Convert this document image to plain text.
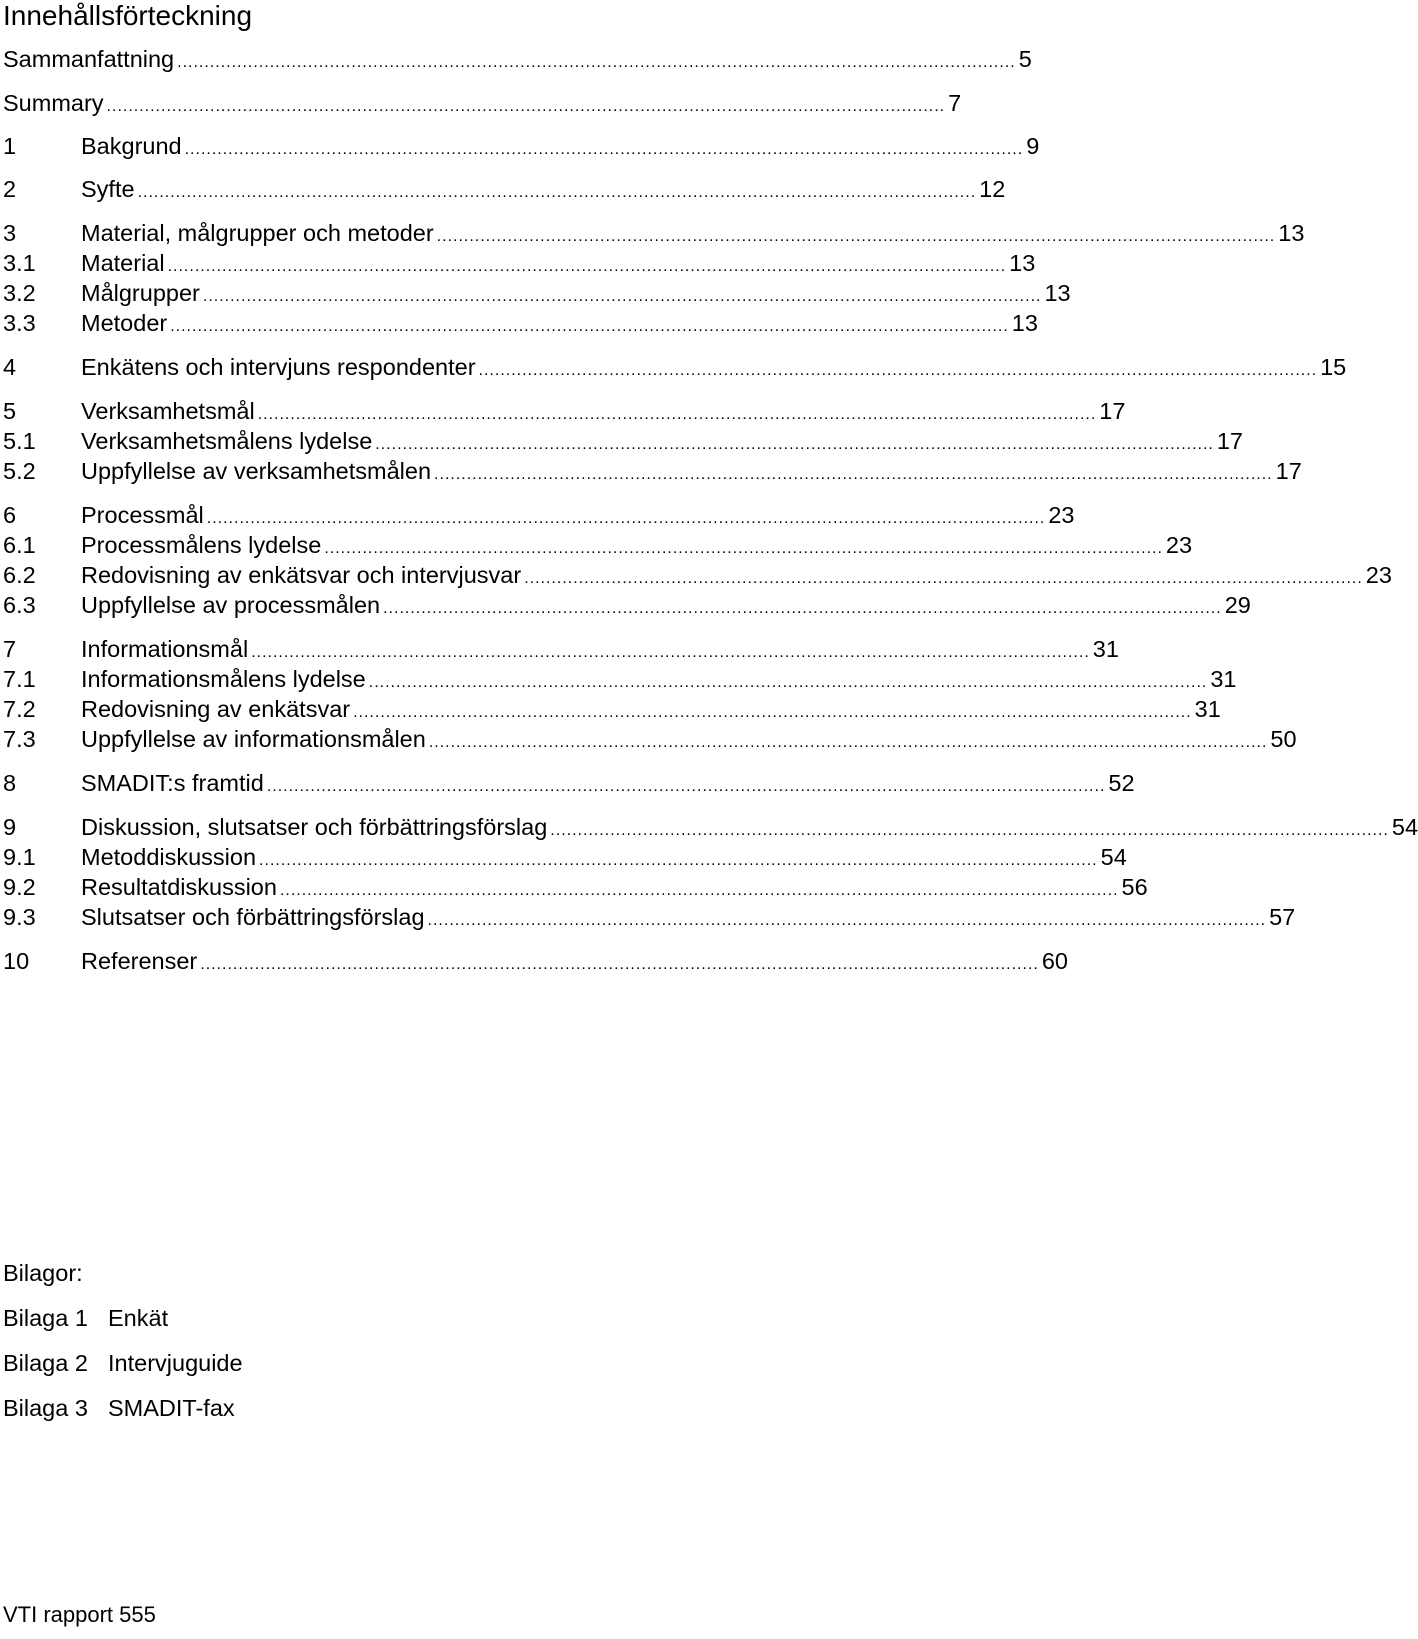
Innehållsförteckning
Sammanfattning .......................................................................................................................................................... 5
Summary .......................................................................................................................................................... 7
1	Bakgrund .......................................................................................................................................................... 9
2	Syfte .......................................................................................................................................................... 12
3	Material, målgrupper och metoder .......................................................................................................................................................... 13
3.1	Material .......................................................................................................................................................... 13
3.2	Målgrupper .......................................................................................................................................................... 13
3.3	Metoder .......................................................................................................................................................... 13
4	Enkätens och intervjuns respondenter .......................................................................................................................................................... 15
5	Verksamhetsmål .......................................................................................................................................................... 17
5.1	Verksamhetsmålens lydelse .......................................................................................................................................................... 17
5.2	Uppfyllelse av verksamhetsmålen .......................................................................................................................................................... 17
6	Processmål .......................................................................................................................................................... 23
6.1	Processmålens lydelse .......................................................................................................................................................... 23
6.2	Redovisning av enkätsvar och intervjusvar .......................................................................................................................................................... 23
6.3	Uppfyllelse av processmålen .......................................................................................................................................................... 29
7	Informationsmål .......................................................................................................................................................... 31
7.1	Informationsmålens lydelse .......................................................................................................................................................... 31
7.2	Redovisning av enkätsvar .......................................................................................................................................................... 31
7.3	Uppfyllelse av informationsmålen .......................................................................................................................................................... 50
8	SMADIT:s framtid .......................................................................................................................................................... 52
9	Diskussion, slutsatser och förbättringsförslag .......................................................................................................................................................... 54
9.1	Metoddiskussion .......................................................................................................................................................... 54
9.2	Resultatdiskussion .......................................................................................................................................................... 56
9.3	Slutsatser och förbättringsförslag .......................................................................................................................................................... 57
10	Referenser .......................................................................................................................................................... 60
Bilagor:
Bilaga 1 Enkät
Bilaga 2 Intervjuguide
Bilaga 3 SMADIT-fax
VTI rapport 555
